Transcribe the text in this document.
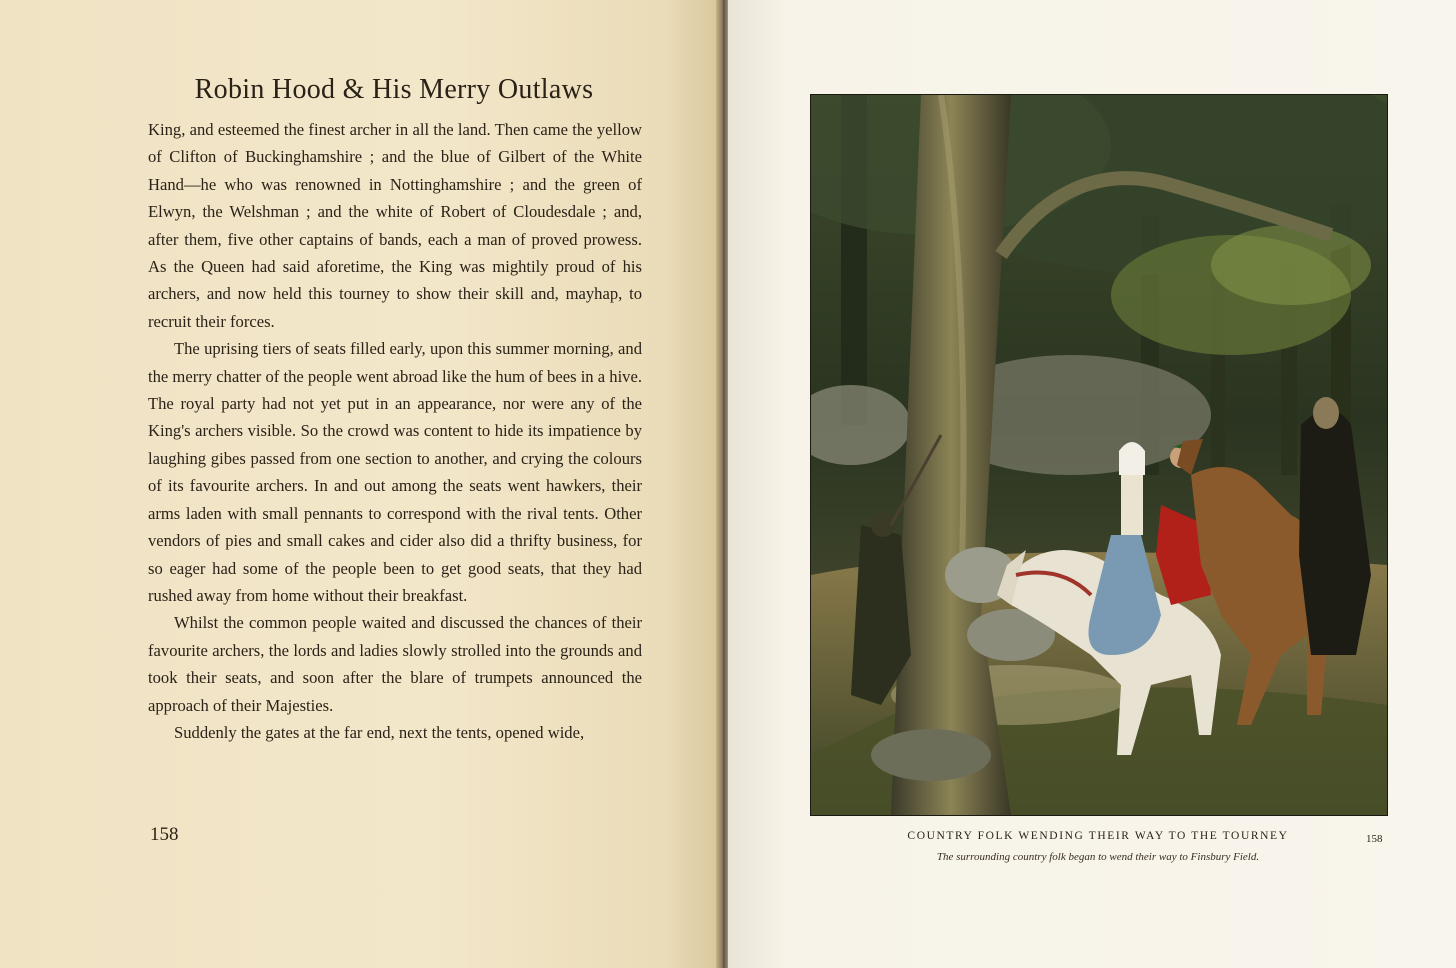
Robin Hood & His Merry Outlaws

King, and esteemed the finest archer in all the land. Then came the yellow of Clifton of Buckinghamshire ; and the blue of Gilbert of the White Hand—he who was renowned in Nottinghamshire ; and the green of Elwyn, the Welshman ; and the white of Robert of Cloudesdale ; and, after them, five other captains of bands, each a man of proved prowess. As the Queen had said aforetime, the King was mightily proud of his archers, and now held this tourney to show their skill and, mayhap, to recruit their forces.

The uprising tiers of seats filled early, upon this summer morning, and the merry chatter of the people went abroad like the hum of bees in a hive. The royal party had not yet put in an appearance, nor were any of the King's archers visible. So the crowd was content to hide its impatience by laughing gibes passed from one section to another, and crying the colours of its favourite archers. In and out among the seats went hawkers, their arms laden with small pennants to correspond with the rival tents. Other vendors of pies and small cakes and cider also did a thrifty business, for so eager had some of the people been to get good seats, that they had rushed away from home without their breakfast.

Whilst the common people waited and discussed the chances of their favourite archers, the lords and ladies slowly strolled into the grounds and took their seats, and soon after the blare of trumpets announced the approach of their Majesties.

Suddenly the gates at the far end, next the tents, opened wide,

158	COUNTRY FOLK WENDING THEIR WAY TO THE TOURNEY
The surrounding country folk began to wend their way to Finsbury Field.
158
